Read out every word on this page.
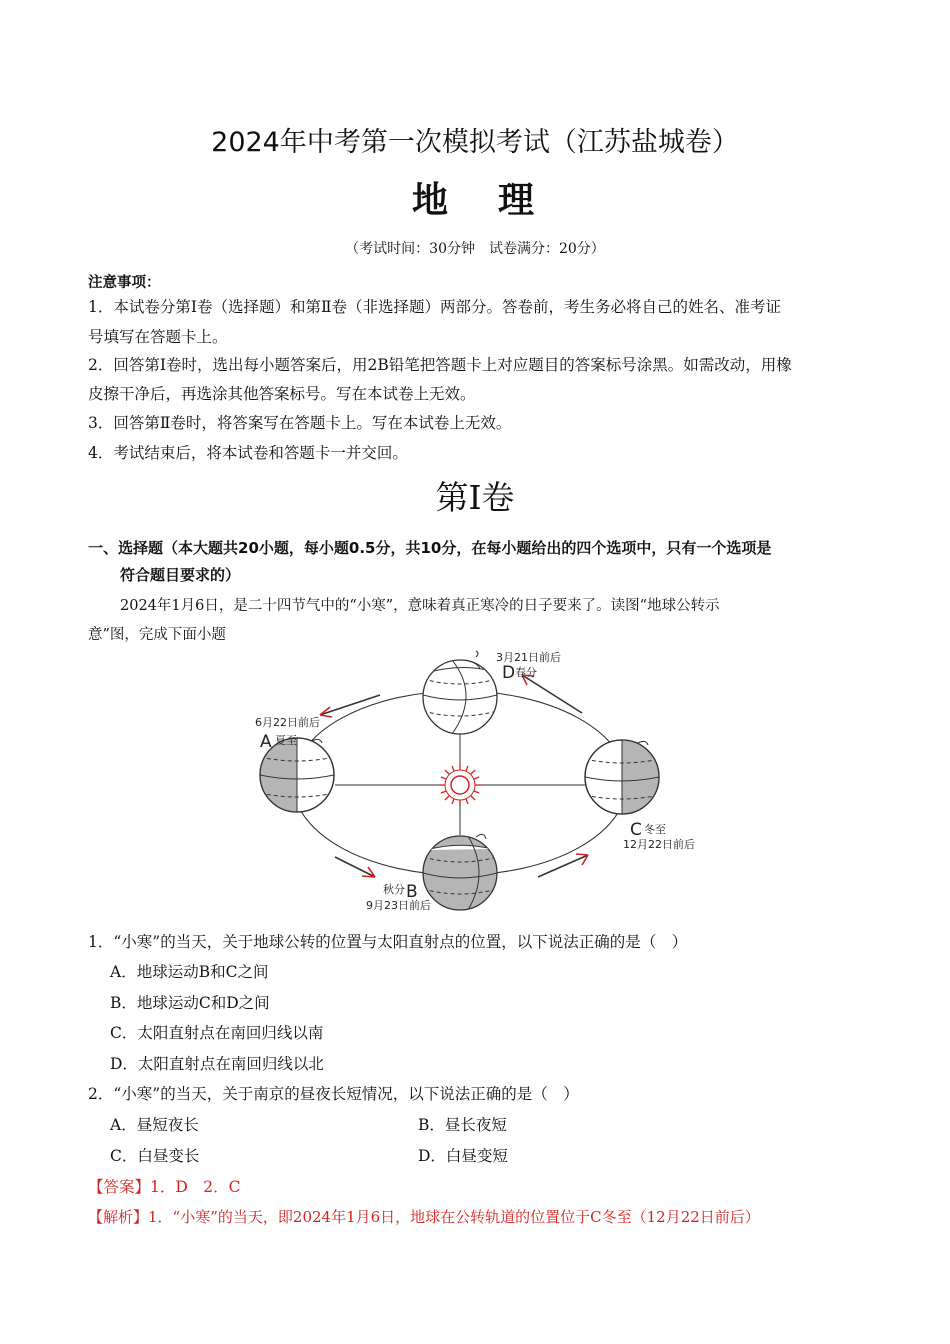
2024年中考第一次模拟考试（江苏盐城卷）
地 理
（考试时间：30分钟　试卷满分：20分）
注意事项：
1．本试卷分第Ⅰ卷（选择题）和第Ⅱ卷（非选择题）两部分。答卷前，考生务必将自己的姓名、准考证
号填写在答题卡上。
2．回答第Ⅰ卷时，选出每小题答案后，用2B铅笔把答题卡上对应题目的答案标号涂黑。如需改动，用橡
皮擦干净后，再选涂其他答案标号。写在本试卷上无效。
3．回答第Ⅱ卷时，将答案写在答题卡上。写在本试卷上无效。
4．考试结束后，将本试卷和答题卡一并交回。
第Ⅰ卷
一、选择题（本大题共20小题，每小题0.5分，共10分，在每小题给出的四个选项中，只有一个选项是
符合题目要求的）
2024年1月6日，是二十四节气中的“小寒”，意味着真正寒冷的日子要来了。读图“地球公转示
意”图，完成下面小题
3月21日前后
D 春分
6月22日前后
A 夏至
C 冬至
12月22日前后
秋分 B
9月23日前后
1．“小寒”的当天，关于地球公转的位置与太阳直射点的位置，以下说法正确的是（　）
A．地球运动B和C之间
B．地球运动C和D之间
C．太阳直射点在南回归线以南
D．太阳直射点在南回归线以北
2．“小寒”的当天，关于南京的昼夜长短情况，以下说法正确的是（　）
A．昼短夜长	B．昼长夜短
C．白昼变长	D．白昼变短
【答案】1．D　2．C
【解析】1．“小寒”的当天，即2024年1月6日，地球在公转轨道的位置位于C冬至（12月22日前后）
